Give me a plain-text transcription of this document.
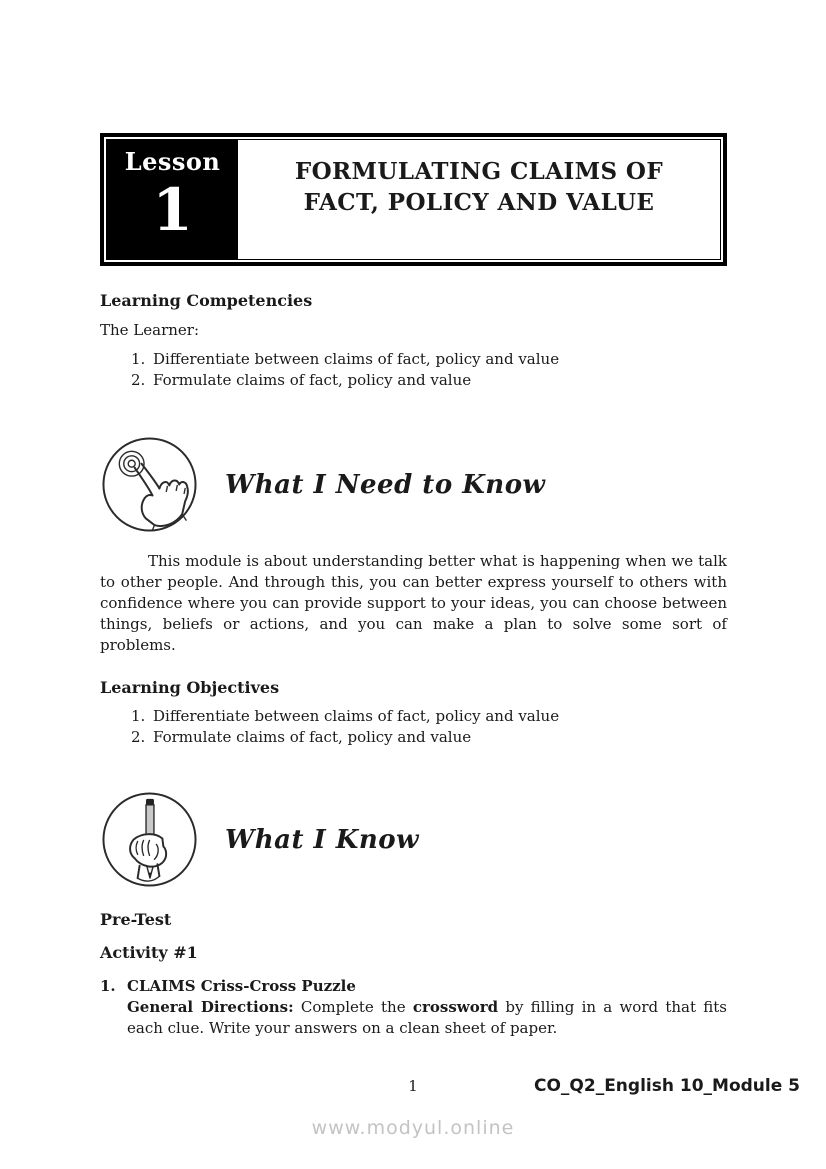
Lesson
1
FORMULATING CLAIMS OF
FACT, POLICY AND VALUE
Learning Competencies
The Learner:
1. Differentiate between claims of fact, policy and value
2. Formulate claims of fact, policy and value
What I Need to Know

This module is about understanding better what is happening when we talk to other people. And through this, you can better express yourself to others with confidence where you can provide support to your ideas, you can choose between things, beliefs or actions, and you can make a plan to solve some sort of problems.

Learning Objectives
1. Differentiate between claims of fact, policy and value
2. Formulate claims of fact, policy and value
What I Know
Pre-Test
Activity #1
1. CLAIMS Criss-Cross Puzzle
General Directions: Complete the crossword by filling in a word that fits each clue. Write your answers on a clean sheet of paper.
1	CO_Q2_English 10_Module 5
www.modyul.online
